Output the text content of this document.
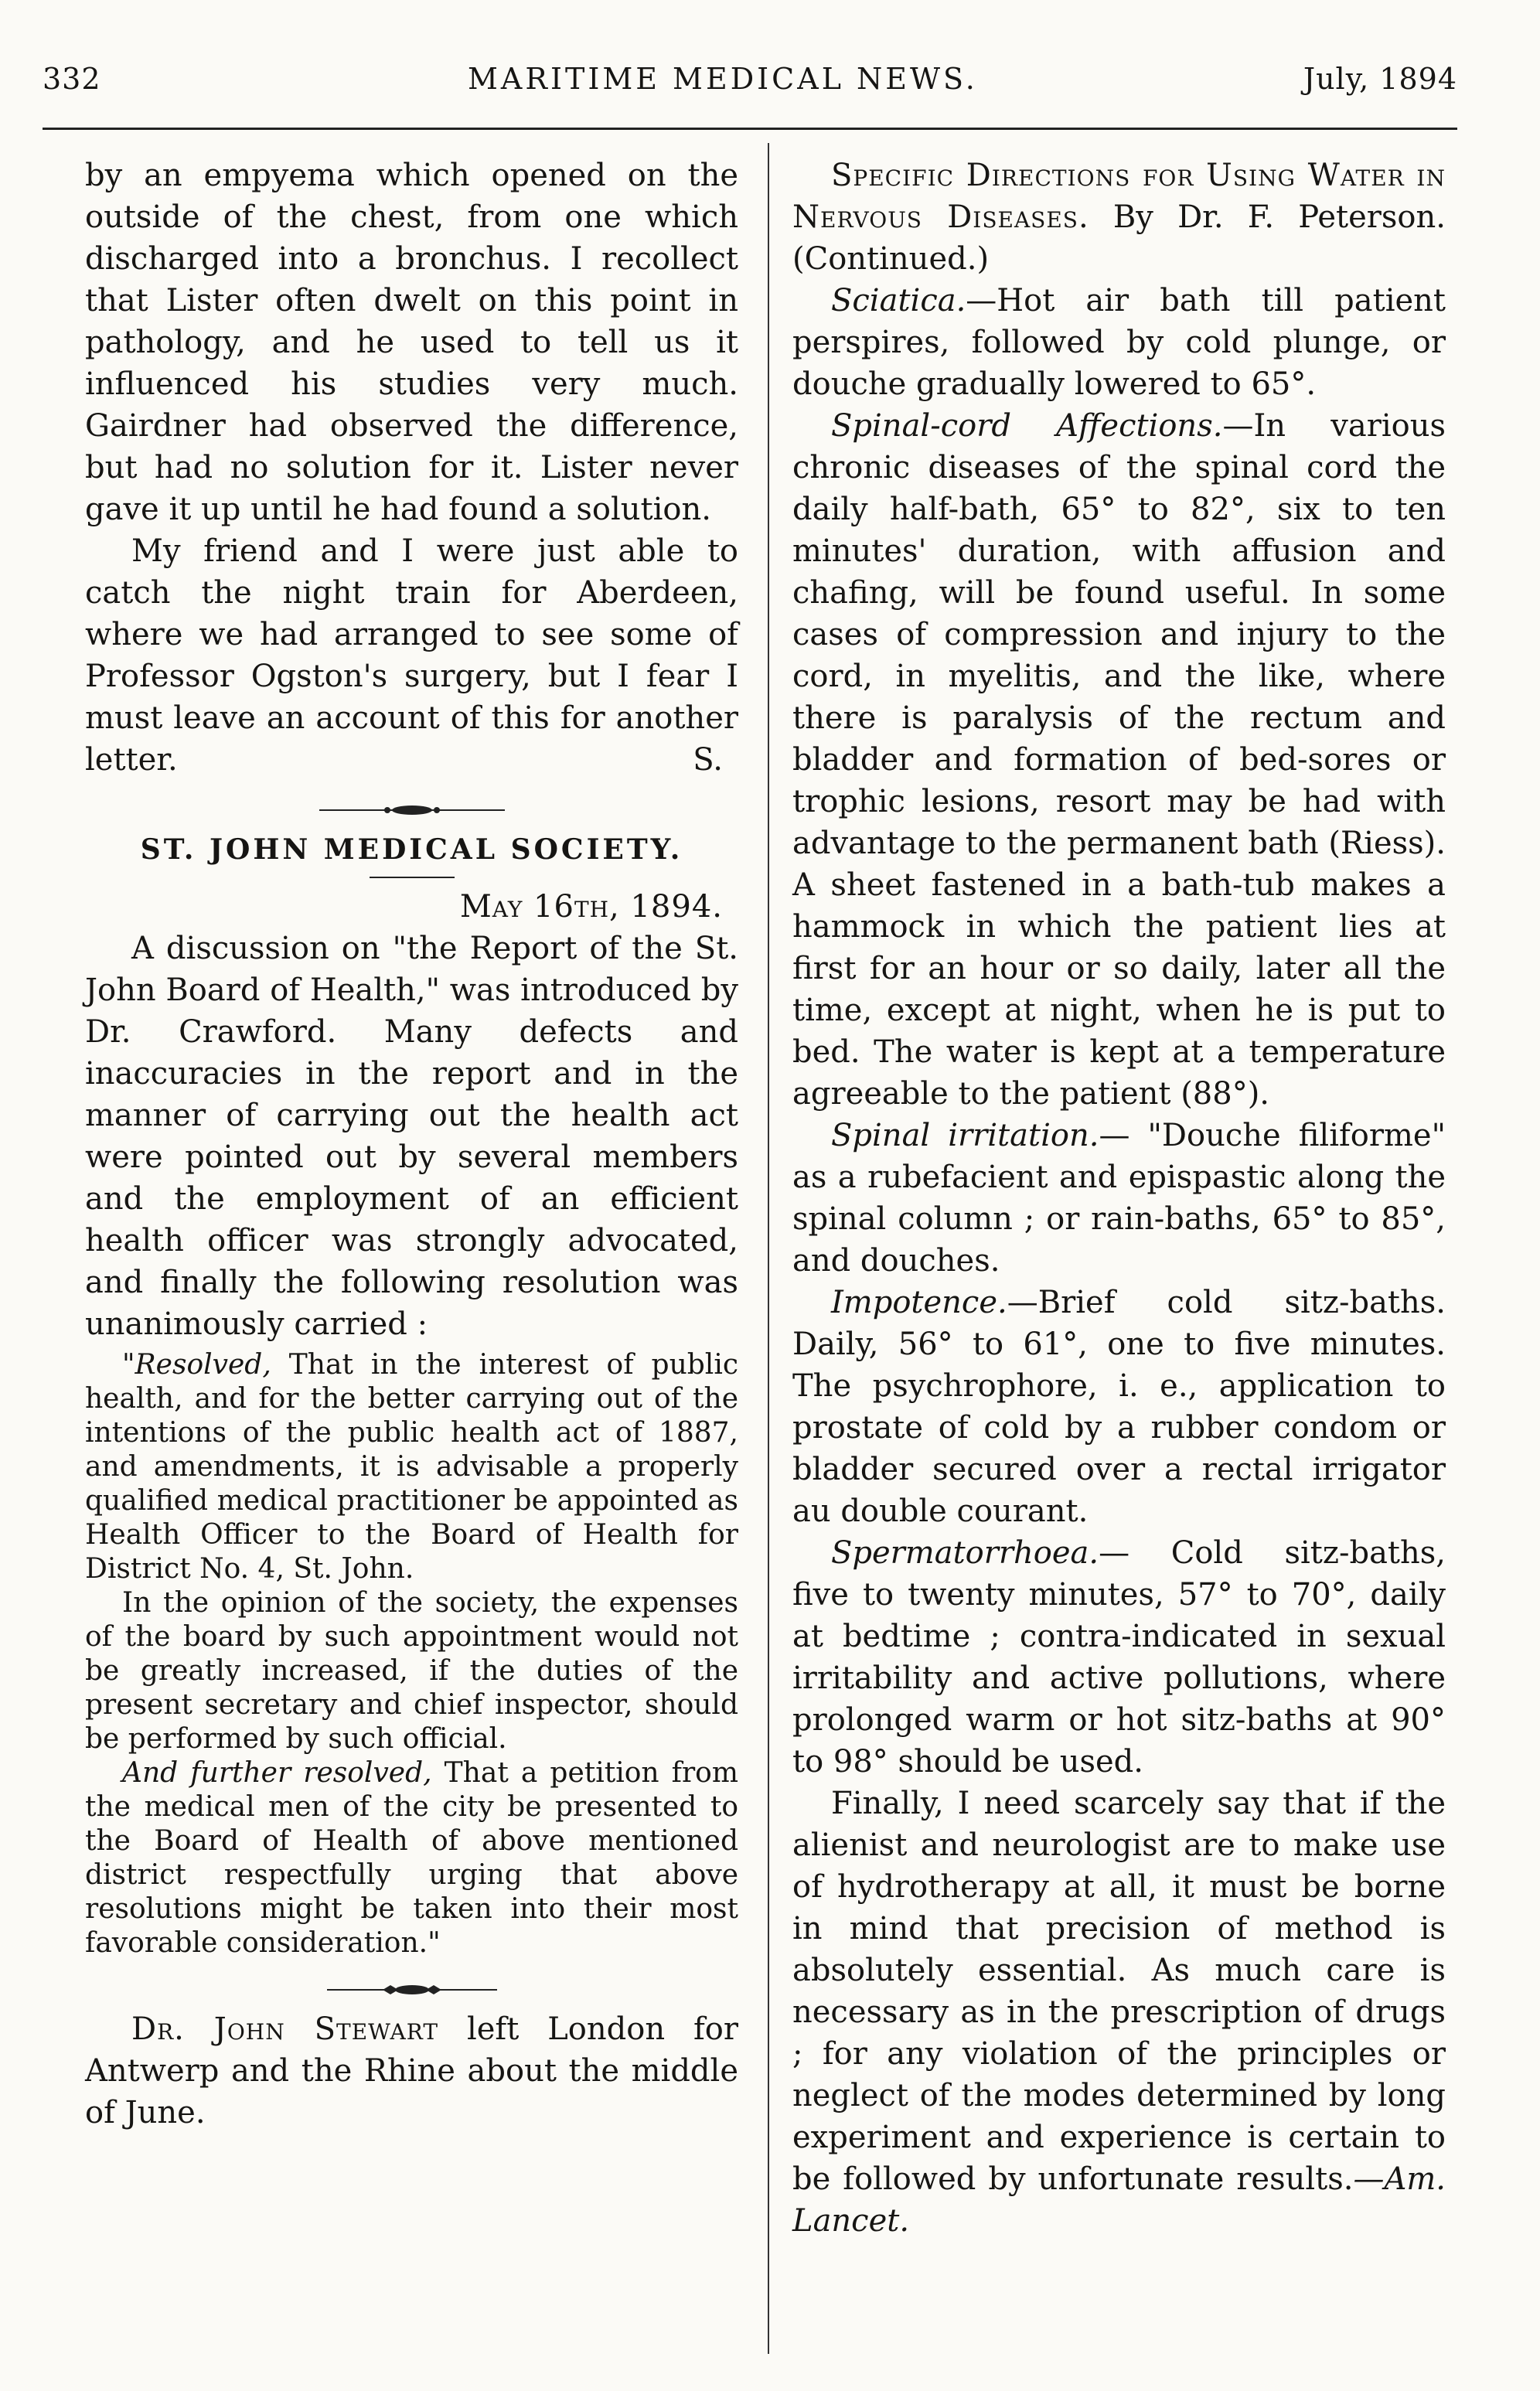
332	MARITIME MEDICAL NEWS.	July, 1894

by an empyema which opened on the outside of the chest, from one which discharged into a bronchus. I recollect that Lister often dwelt on this point in pathology, and he used to tell us it influenced his studies very much. Gairdner had observed the difference, but had no solution for it. Lister never gave it up until he had found a solution.

My friend and I were just able to catch the night train for Aberdeen, where we had arranged to see some of Professor Ogston's surgery, but I fear I must leave an account of this for another letter.	S.

ST. JOHN MEDICAL SOCIETY.

May 16th, 1894.

A discussion on "the Report of the St. John Board of Health," was introduced by Dr. Crawford. Many defects and inaccuracies in the report and in the manner of carrying out the health act were pointed out by several members and the employment of an efficient health officer was strongly advocated, and finally the following resolution was unanimously carried :

"Resolved, That in the interest of public health, and for the better carrying out of the intentions of the public health act of 1887, and amendments, it is advisable a properly qualified medical practitioner be appointed as Health Officer to the Board of Health for District No. 4, St. John.

In the opinion of the society, the expenses of the board by such appointment would not be greatly increased, if the duties of the present secretary and chief inspector, should be performed by such official.

And further resolved, That a petition from the medical men of the city be presented to the Board of Health of above mentioned district respectfully urging that above resolutions might be taken into their most favorable consideration."

Dr. John Stewart left London for Antwerp and the Rhine about the middle of June.

Specific Directions for Using Water in Nervous Diseases. By Dr. F. Peterson. (Continued.)

Sciatica.—Hot air bath till patient perspires, followed by cold plunge, or douche gradually lowered to 65°.

Spinal-cord Affections.—In various chronic diseases of the spinal cord the daily half-bath, 65° to 82°, six to ten minutes' duration, with affusion and chafing, will be found useful. In some cases of compression and injury to the cord, in myelitis, and the like, where there is paralysis of the rectum and bladder and formation of bed-sores or trophic lesions, resort may be had with advantage to the permanent bath (Riess). A sheet fastened in a bath-tub makes a hammock in which the patient lies at first for an hour or so daily, later all the time, except at night, when he is put to bed. The water is kept at a temperature agreeable to the patient (88°).

Spinal irritation.— "Douche filiforme" as a rubefacient and epispastic along the spinal column ; or rain-baths, 65° to 85°, and douches.

Impotence.—Brief cold sitz-baths. Daily, 56° to 61°, one to five minutes. The psychrophore, i. e., application to prostate of cold by a rubber condom or bladder secured over a rectal irrigator au double courant.

Spermatorrhoea.— Cold sitz-baths, five to twenty minutes, 57° to 70°, daily at bedtime ; contra-indicated in sexual irritability and active pollutions, where prolonged warm or hot sitz-baths at 90° to 98° should be used.

Finally, I need scarcely say that if the alienist and neurologist are to make use of hydrotherapy at all, it must be borne in mind that precision of method is absolutely essential. As much care is necessary as in the prescription of drugs ; for any violation of the principles or neglect of the modes determined by long experiment and experience is certain to be followed by unfortunate results.—Am. Lancet.
